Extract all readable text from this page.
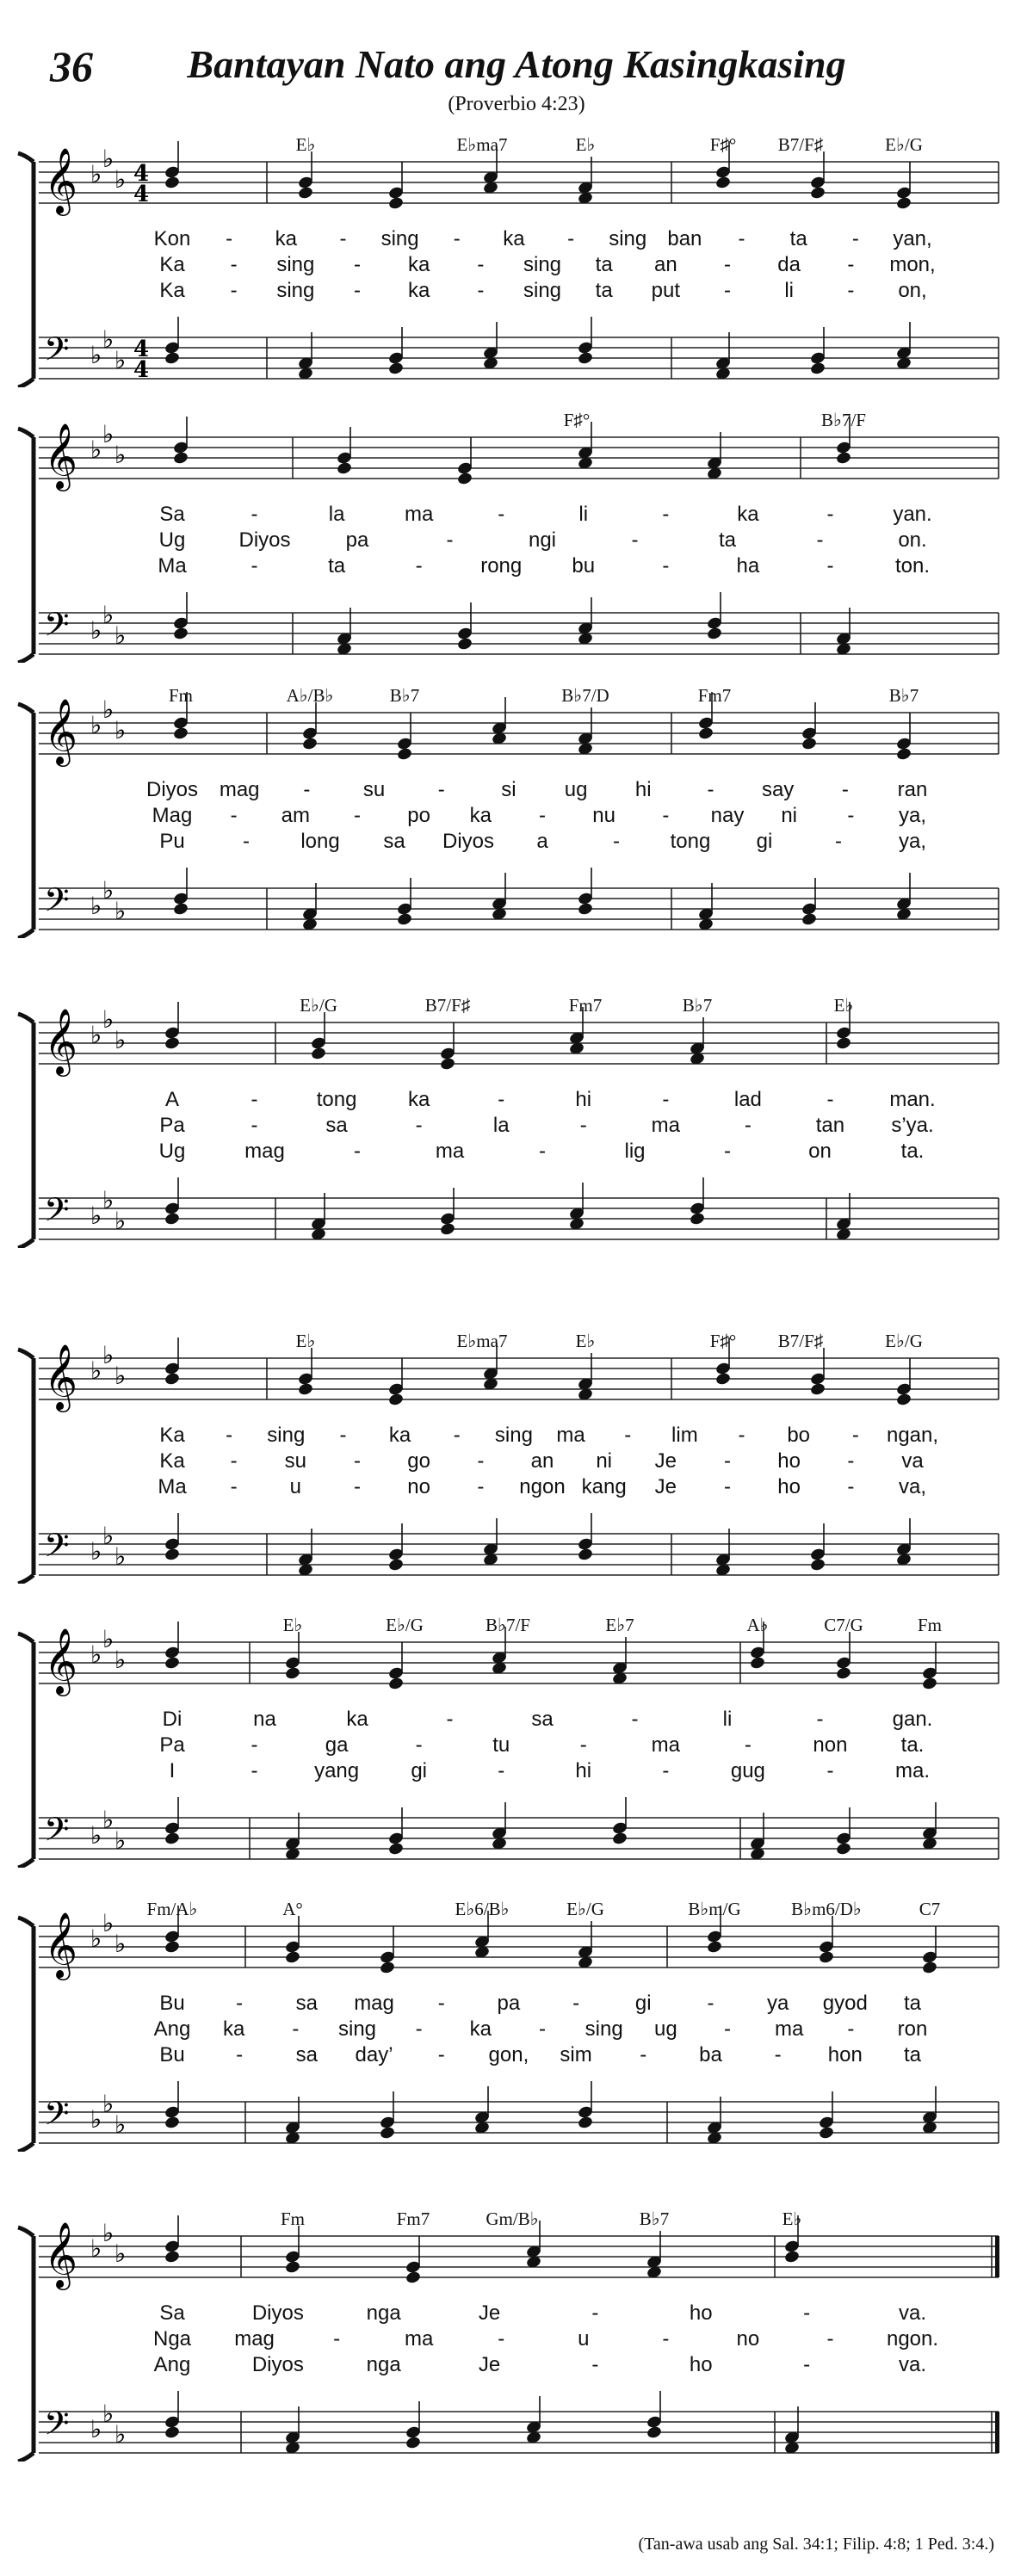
36	Bantayan Nato ang Atong Kasingkasing
(Proverbio 4:23)
𝄞 ♭
♭
♭
𝄢 ♭
♭
♭
4
4
4
4
E♭	E♭ma7	E♭	F♯° B7/F♯	E♭/G
Kon - ka - sing - ka - sing ban - ta - yan,
Ka - sing - ka - sing ta an - da - mon,
Ka - sing - ka - sing ta put -	li	- on,
𝄞 ♭
♭
♭
𝄢 ♭
♭
♭
F♯°	B♭7/F
Sa	-	la	ma	-	li	-	ka	-	yan.
Ug	Diyos	pa	-	ngi	-	ta	-	on.
Ma	-	ta	-	rong bu	-	ha	-	ton.
𝄞 ♭
♭
♭
𝄢 ♭
♭
♭
Fm	A♭/B♭	B♭7	B♭7/D	Fm7	B♭7
Diyos mag -	su	-	si ug hi	- say - ran
Mag - am - po ka - nu - nay ni - ya,
Pu	- long sa Diyos a	- tong gi	-	ya,
𝄞 ♭
♭
♭
𝄢 ♭
♭
♭
E♭/G	B7/F♯	Fm7	B♭7	E♭
A	-	tong ka	-	hi	-	lad	-	man.
Pa	-	sa	-	la	-	ma	-	tan s’ya.
Ug	mag	-	ma	-	lig	-	on	ta.
𝄞 ♭
♭
♭
𝄢 ♭
♭
♭
E♭	E♭ma7	E♭	F♯° B7/F♯	E♭/G
Ka - sing - ka - sing ma - lim - bo - ngan,
Ka - su - go - an ni Je - ho - va
Ma -	u	- no - ngon kang Je - ho - va,
𝄞 ♭
♭
♭
𝄢 ♭
♭
♭
E♭	E♭/G	B♭7/F	E♭7	A♭	C7/G	Fm
Di	na	ka	-	sa	-	li	-	gan.
Pa	-	ga	-	tu	-	ma	-	non	ta.
I	-	yang	gi	-	hi	-	gug	-	ma.
𝄞 ♭
♭
♭
𝄢 ♭
♭
♭
Fm/A♭	A°	E♭6/B♭	E♭/G	B♭m/G	B♭m6/D♭	C7
Bu -	sa mag -	pa	-	gi	-	ya gyod ta
Ang ka - sing - ka - sing ug - ma - ron
Bu -	sa day’ - gon, sim -	ba	- hon ta
𝄞 ♭
♭
♭
𝄢 ♭
♭
♭
Fm	Fm7	Gm/B♭	B♭7	E♭
Sa	Diyos	nga	Je	-	ho	-	va.
Nga mag	-	ma	-	u	-	no	-	ngon.
Ang	Diyos	nga	Je	-	ho	-	va.
(Tan-awa usab ang Sal. 34:1; Filip. 4:8; 1 Ped. 3:4.)
